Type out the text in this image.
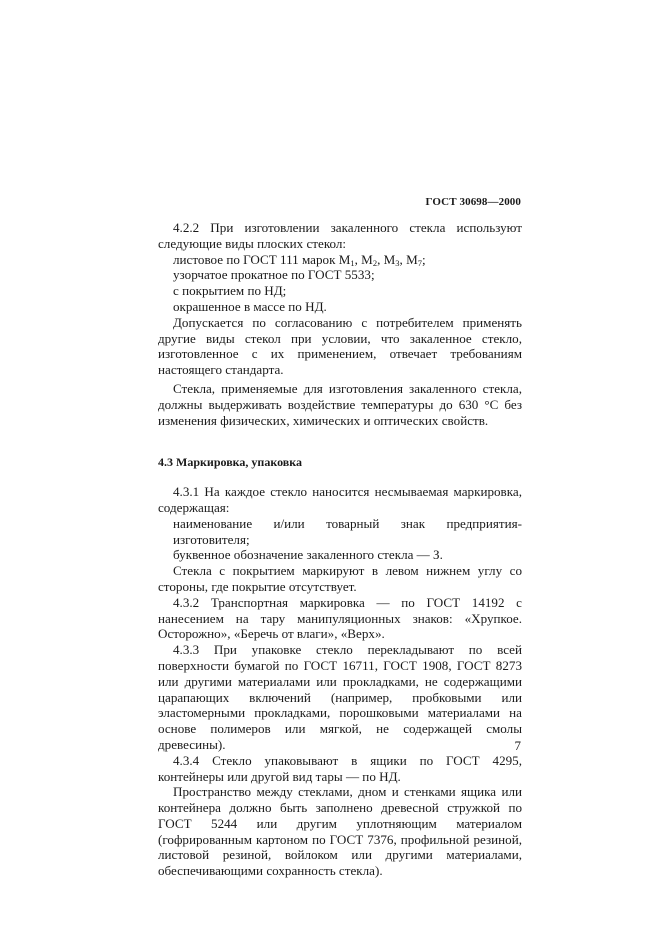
ГОСТ 30698—2000

4.2.2 При изготовлении закаленного стекла используют следующие виды плоских стекол:

листовое по ГОСТ 111 марок $М_1$, $М_2$, $М_3$, $М_7$;

узорчатое прокатное по ГОСТ 5533;

с покрытием по НД;

окрашенное в массе по НД.

Допускается по согласованию с потребителем применять другие виды стекол при условии, что закаленное стекло, изготовленное с их применением, отвечает требованиям настоящего стандарта.

Стекла, применяемые для изготовления закаленного стекла, должны выдерживать воздействие температуры до 630 °С без изменения физических, химических и оптических свойств.

4.3 Маркировка, упаковка

4.3.1 На каждое стекло наносится несмываемая маркировка, содержащая:

наименование и/или товарный знак предприятия-изготовителя;

буквенное обозначение закаленного стекла — З.

Стекла с покрытием маркируют в левом нижнем углу со стороны, где покрытие отсутствует.

4.3.2 Транспортная маркировка — по ГОСТ 14192 с нанесением на тару манипуляционных знаков: «Хрупкое. Осторожно», «Беречь от влаги», «Верх».

4.3.3 При упаковке стекло перекладывают по всей поверхности бумагой по ГОСТ 16711, ГОСТ 1908, ГОСТ 8273 или другими материалами или прокладками, не содержащими царапающих включений (например, пробковыми или эластомерными прокладками, порошковыми материалами на основе полимеров или мягкой, не содержащей смолы древесины).

4.3.4 Стекло упаковывают в ящики по ГОСТ 4295, контейнеры или другой вид тары — по НД.

Пространство между стеклами, дном и стенками ящика или контейнера должно быть заполнено древесной стружкой по ГОСТ 5244 или другим уплотняющим материалом (гофрированным картоном по ГОСТ 7376, профильной резиной, листовой резиной, войлоком или другими материалами, обеспечивающими сохранность стекла).

7
